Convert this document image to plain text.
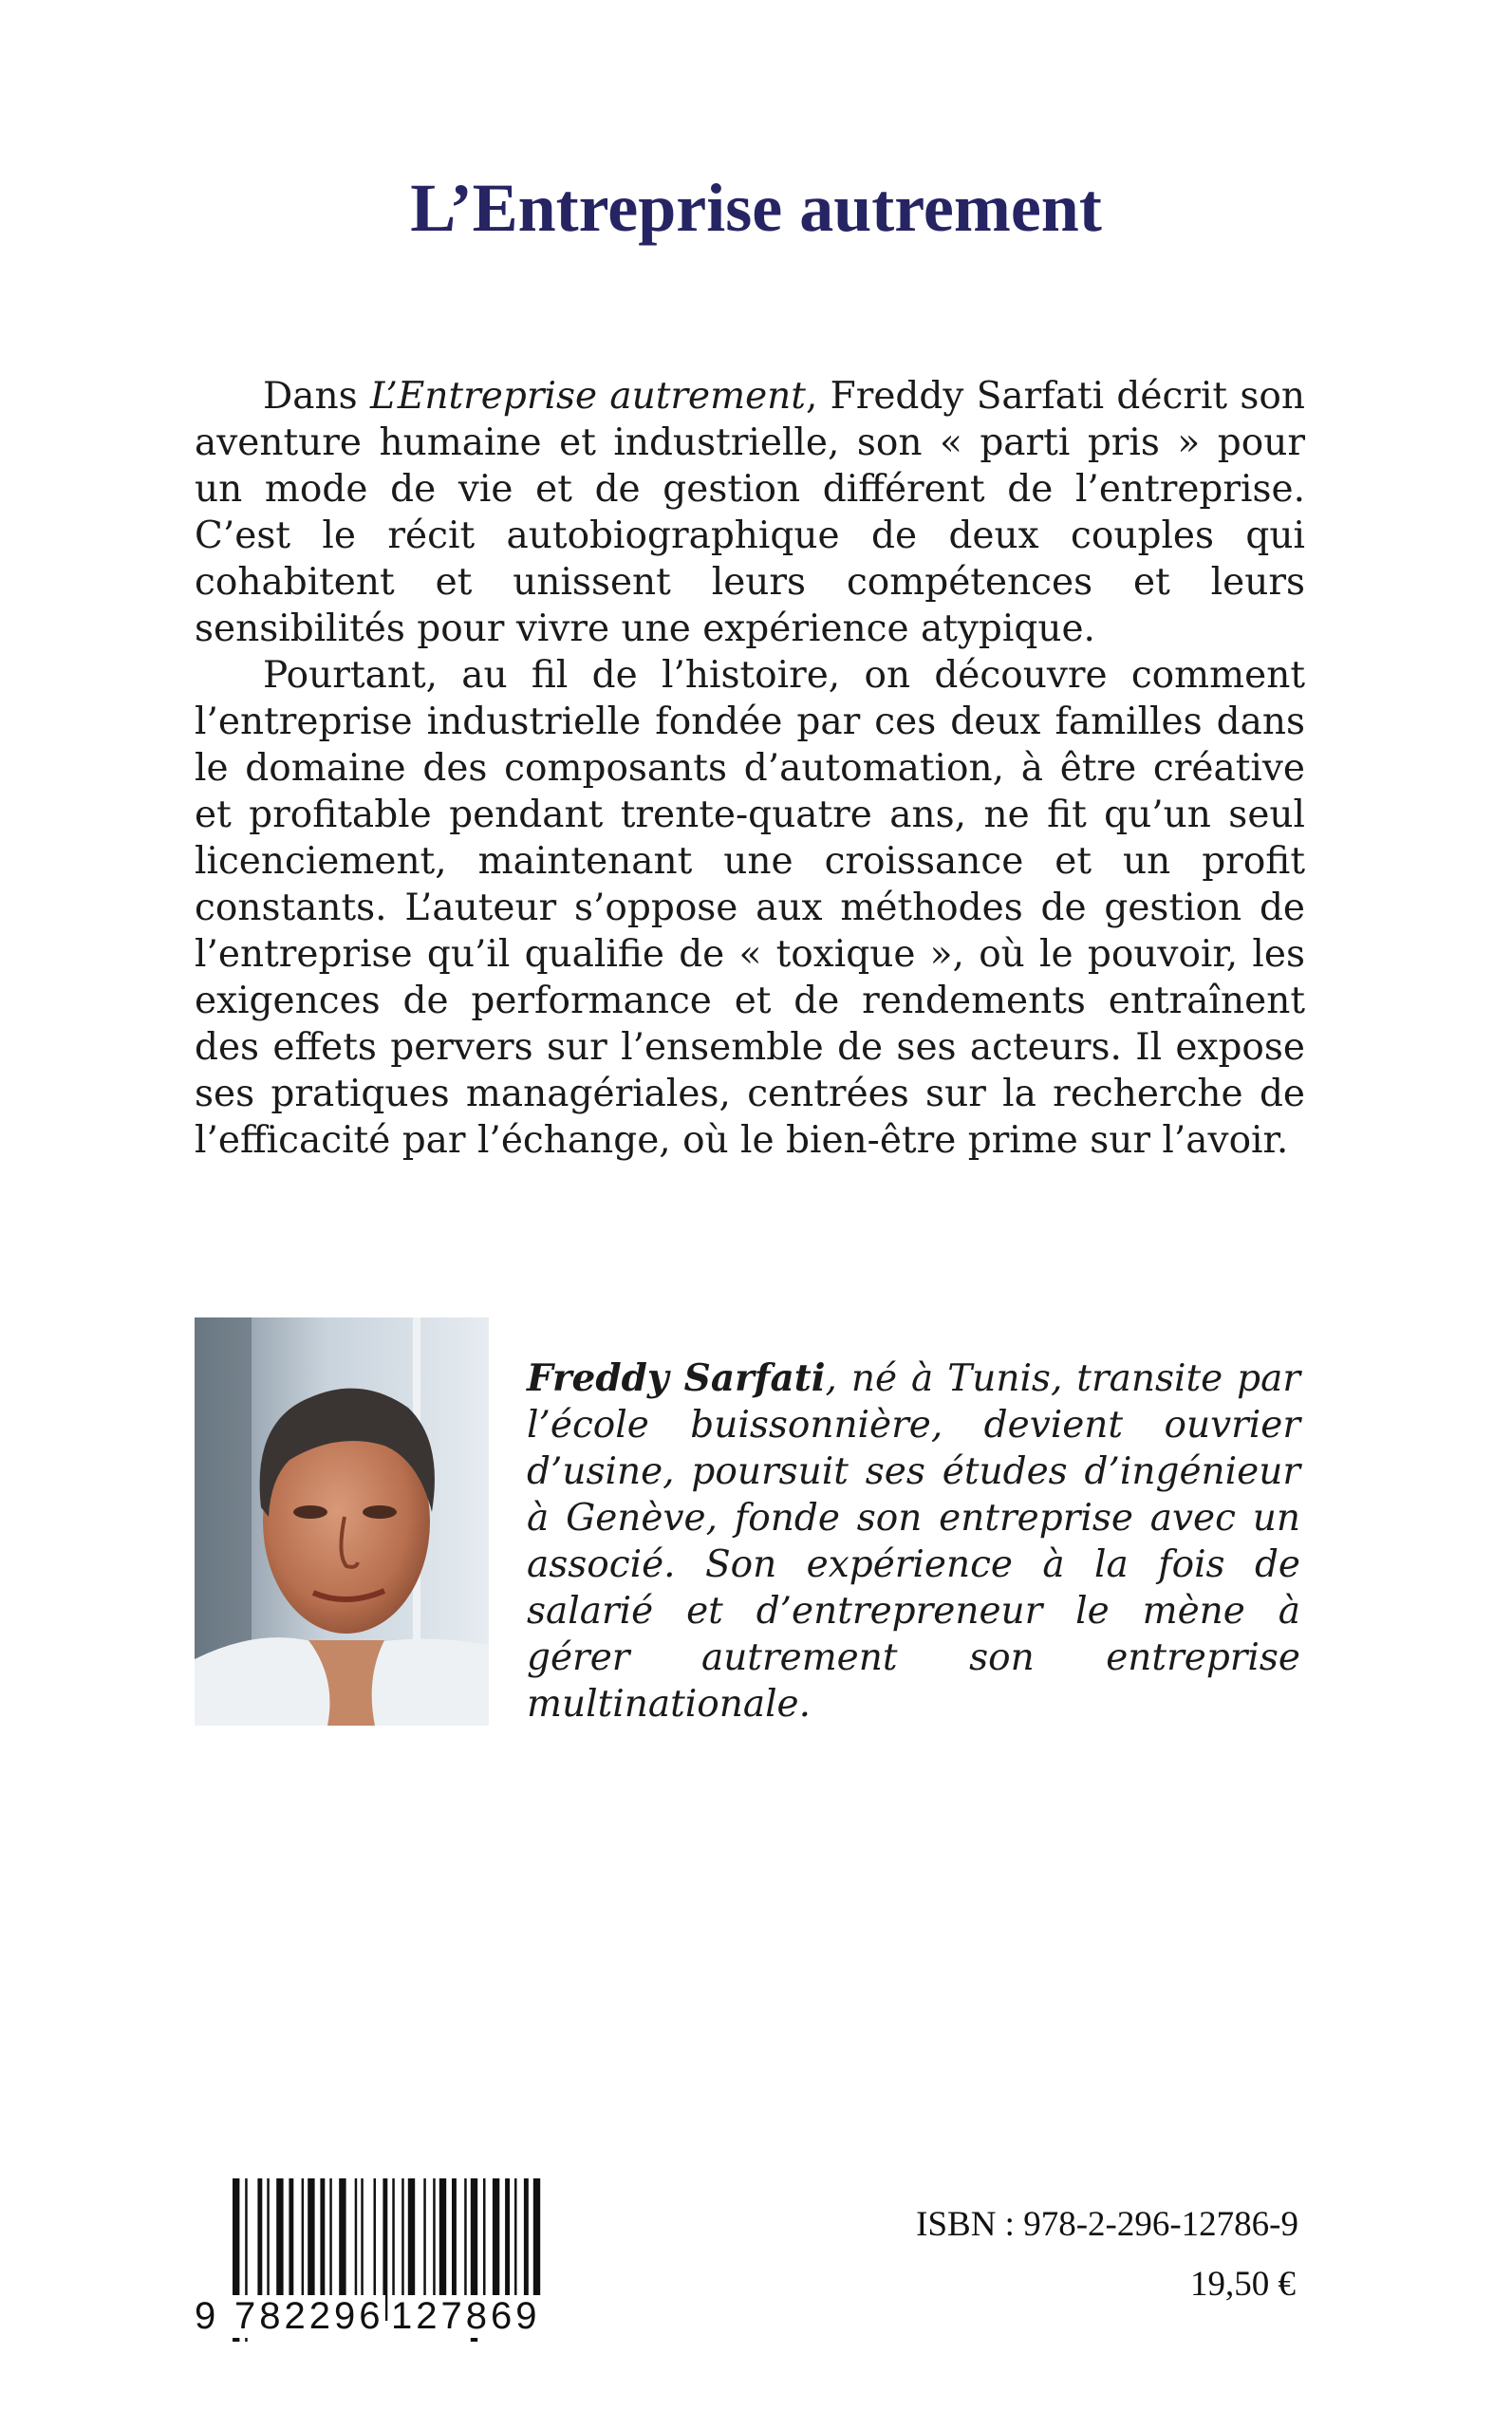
L’Entreprise autrement

Dans L’Entreprise autrement, Freddy Sarfati décrit son aventure humaine et industrielle, son « parti pris » pour un mode de vie et de gestion différent de l’entreprise. C’est le récit autobiographique de deux couples qui cohabitent et unissent leurs compétences et leurs sensibilités pour vivre une expérience atypique.

Pourtant, au fil de l’histoire, on découvre comment l’entreprise industrielle fondée par ces deux familles dans le domaine des composants d’automation, à être créative et profitable pendant trente-quatre ans, ne fit qu’un seul licenciement, maintenant une croissance et un profit constants. L’auteur s’oppose aux méthodes de gestion de l’entreprise qu’il qualifie de « toxique », où le pouvoir, les exigences de performance et de rendements entraînent des effets pervers sur l’ensemble de ses acteurs. Il expose ses pratiques managériales, centrées sur la recherche de l’efficacité par l’échange, où le bien-être prime sur l’avoir.

Freddy Sarfati, né à Tunis, transite par l’école buissonnière, devient ouvrier d’usine, poursuit ses études d’ingénieur à Genève, fonde son entreprise avec un associé. Son expérience à la fois de salarié et d’entrepreneur le mène à gérer autrement son entreprise multinationale.

9 782296 127869

ISBN : 978-2-296-12786-9

19,50 €
